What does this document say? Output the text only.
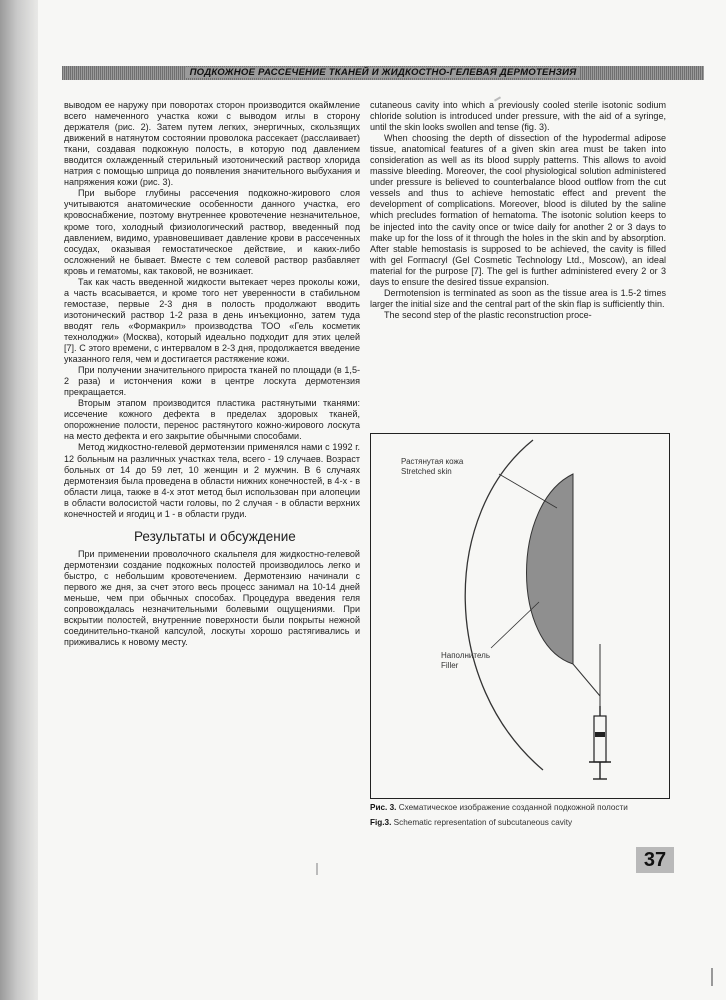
ПОДКОЖНОЕ РАССЕЧЕНИЕ ТКАНЕЙ И ЖИДКОСТНО-ГЕЛЕВАЯ ДЕРМОТЕНЗИЯ

выводом ее наружу при поворотах сторон производится окаймление всего намеченного участка кожи с выводом иглы в сторону держателя (рис. 2). Затем путем легких, энергичных, скользящих движений в натянутом состоянии проволока рассекает (расслаивает) ткани, создавая подкожную полость, в которую под давлением вводится охлажденный стерильный изотонический раствор хлорида натрия с помощью шприца до появления значительного выбухания и напряжения кожи (рис. 3).

При выборе глубины рассечения подкожно-жирового слоя учитываются анатомические особенности данного участка, его кровоснабжение, поэтому внутреннее кровотечение незначительное, кроме того, холодный физиологический раствор, введенный под давлением, видимо, уравновешивает давление крови в рассеченных сосудах, оказывая гемостатическое действие, и каких-либо осложнений не бывает. Вместе с тем солевой раствор разбавляет кровь и гематомы, как таковой, не возникает.

Так как часть введенной жидкости вытекает через проколы кожи, а часть всасывается, и кроме того нет уверенности в стабильном гемостазе, первые 2-3 дня в полость продолжают вводить изотонический раствор 1-2 раза в день инъекционно, затем туда вводят гель «Формакрил» производства ТОО «Гель косметик технолоджи» (Москва), который идеально подходит для этих целей [7]. С этого времени, с интервалом в 2-3 дня, продолжается введение указанного геля, чем и достигается растяжение кожи.

При получении значительного прироста тканей по площади (в 1,5-2 раза) и истончения кожи в центре лоскута дермотензия прекращается.

Вторым этапом производится пластика растянутыми тканями: иссечение кожного дефекта в пределах здоровых тканей, опорожнение полости, перенос растянутого кожно-жирового лоскута на место дефекта и его закрытие обычными способами.

Метод жидкостно-гелевой дермотензии применялся нами с 1992 г. 12 больным на различных участках тела, всего - 19 случаев. Возраст больных от 14 до 59 лет, 10 женщин и 2 мужчин. В 6 случаях дермотензия была проведена в области нижних конечностей, в 4-х - в области лица, также в 4-х этот метод был использован при алопеции в области волосистой части головы, по 2 случая - в области верхних конечностей и ягодиц и 1 - в области груди.

Результаты и обсуждение

При применении проволочного скальпеля для жидкостно-гелевой дермотензии создание подкожных полостей производилось легко и быстро, с небольшим кровотечением. Дермотензию начинали с первого же дня, за счет этого весь процесс занимал на 10-14 дней меньше, чем при обычных способах. Процедура введения геля сопровождалась незначительными болевыми ощущениями. При вскрытии полостей, внутренние поверхности были покрыты нежной соединительно-тканой капсулой, лоскуты хорошо растягивались и приживались к новому месту.

cutaneous cavity into which a previously cooled sterile isotonic sodium chloride solution is introduced under pressure, with the aid of a syringe, until the skin looks swollen and tense (fig. 3).

When choosing the depth of dissection of the hypodermal adipose tissue, anatomical features of a given skin area must be taken into consideration as well as its blood supply patterns. This allows to avoid massive bleeding. Moreover, the cool physiological solution administered under pressure is believed to counterbalance blood outflow from the cut vessels and thus to achieve hemostatic effect and prevent the development of complications. Moreover, blood is diluted by the saline which precludes formation of hematoma. The isotonic solution keeps to be injected into the cavity once or twice daily for another 2 or 3 days to make up for the loss of it through the holes in the skin and by absorption. After stable hemostasis is supposed to be achieved, the cavity is filled with gel Formacryl (Gel Cosmetic Technology Ltd., Moscow), an ideal material for the purpose [7]. The gel is further administered every 2 or 3 days to ensure the desired tissue expansion.

Dermotension is terminated as soon as the tissue area is 1.5-2 times larger the initial size and the central part of the skin flap is sufficiently thin.

The second step of the plastic reconstruction proce-

Растянутая кожа
Stretched skin
Наполнитель
Filler

Рис. 3. Схематическое изображение созданной подкожной полости

Fig.3. Schematic representation of subcutaneous cavity

37
